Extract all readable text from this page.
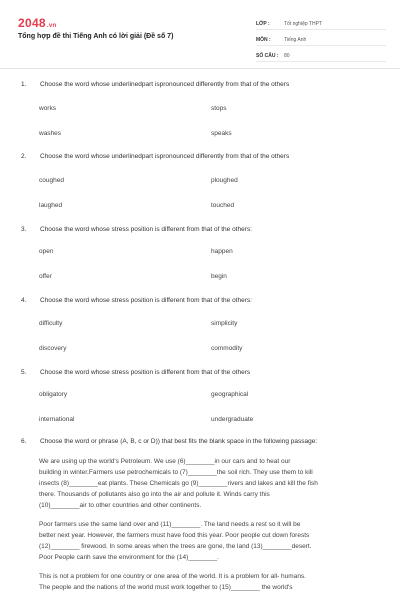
2048.vn
Tổng hợp đề thi Tiếng Anh có lời giải (Đề số 7)
LỚP :	Tốt nghiệp THPT
MÔN :	Tiếng Anh
SỐ CÂU :	80
1.	Choose the word whose underlinedpart ispronounced differently from that of the others
works	stops
washes	speaks
2.	Choose the word whose underlinedpart ispronounced differently from that of the others
coughed	ploughed
laughed	touched
3.	Choose the word whose stress position is different from that of the others:
open	happen
offer	begin
4.	Choose the word whose stress position is different from that of the others:
difficulty	simplicity
discovery	commodity
5.	Choose the word whose stress position is different from that of the others
obligatory	geographical
international	undergraduate
6.	Choose the word or phrase (A, B, c or D)) that best fits the blank space in the following passage:
We are using up the world's Petroleum. We use (6)________in our cars and to heat our
building in winter.Farmers use petrochemicals to (7)________the soil rich. They use them to kill
insects (8)________eat plants. These Chemicals go (9)________rivers and lakes and kill the fish
there. Thousands of pollutants also go into the air and pollute it. Winds carry this
(10)________air to other countries and other continents.
Poor farmers use the same land over and (11)________. The land needs a rest so it will be
better next year. However, the farmers must have food this year. Poor people cut down forests
(12)________ firewood. In some areas when the trees are gone, the land (13)________desert.
Poor People canh save the environment for the (14)________.
This is not a problem for one country or one area of the world. It is a problem for all- humans.
The people and the nations of the world must work together to (15)________ the world's
